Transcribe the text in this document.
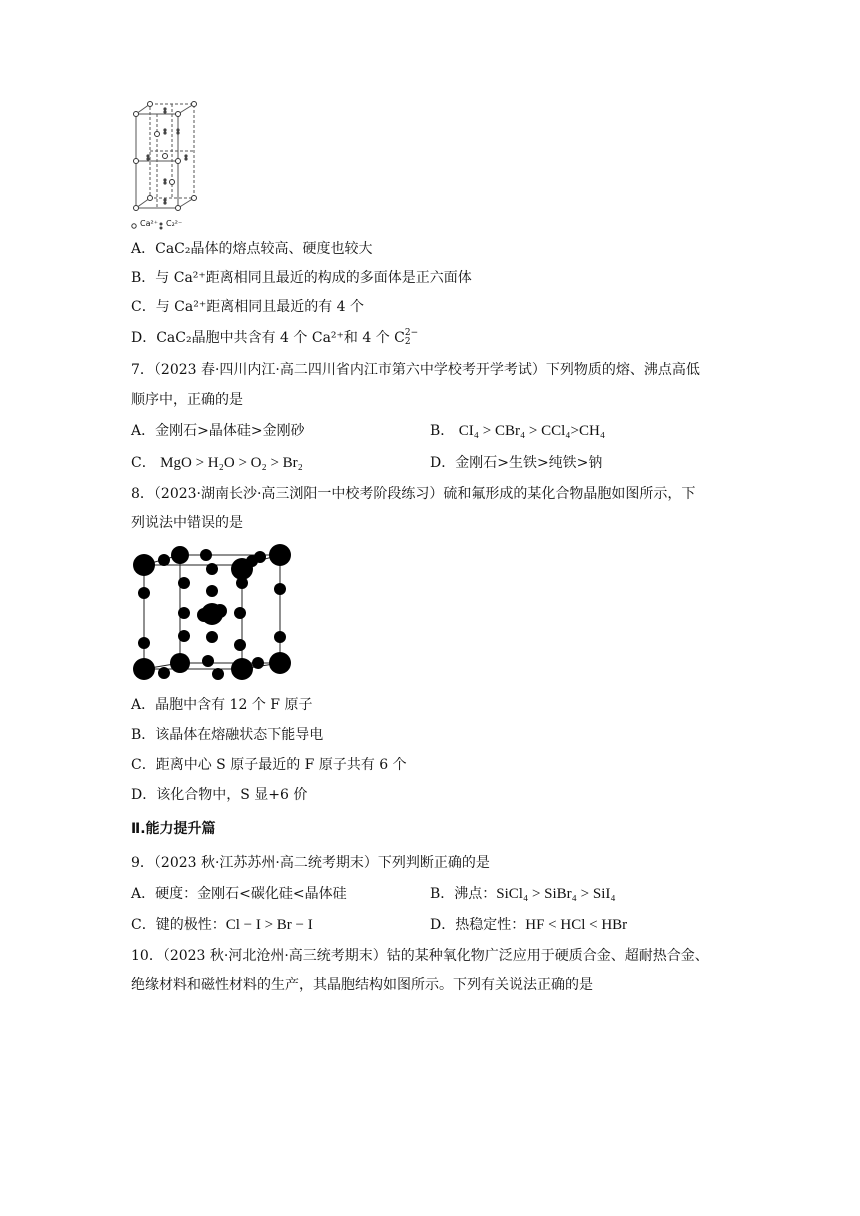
Ca²⁺ C₂²⁻
A．CaC₂晶体的熔点较高、硬度也较大
B．与 Ca²⁺距离相同且最近的构成的多面体是正六面体
C．与 Ca²⁺距离相同且最近的有 4 个
D．CaC₂晶胞中共含有 4 个 Ca²⁺和 4 个 C 2−
2
7．（2023 春·四川内江·高二四川省内江市第六中学校考开学考试）下列物质的熔、沸点高低
顺序中，正确的是
A．金刚石>晶体硅>金刚砂	B． CI₄ > CBr₄ > CCl₄>CH₄
C． MgO > H₂O > O₂ > Br₂	D．金刚石>生铁>纯铁>钠
8．（2023·湖南长沙·高三浏阳一中校考阶段练习）硫和氟形成的某化合物晶胞如图所示，下
列说法中错误的是
A．晶胞中含有 12 个 F 原子
B．该晶体在熔融状态下能导电
C．距离中心 S 原子最近的 F 原子共有 6 个
D．该化合物中，S 显+6 价
Ⅱ.能力提升篇
9．（2023 秋·江苏苏州·高二统考期末）下列判断正确的是
A．硬度：金刚石<碳化硅<晶体硅	B．沸点：SiCl₄ > SiBr₄ > SiI₄
C．键的极性：Cl − I > Br − I	D．热稳定性：HF < HCl < HBr
10．（2023 秋·河北沧州·高三统考期末）钴的某种氧化物广泛应用于硬质合金、超耐热合金、
绝缘材料和磁性材料的生产，其晶胞结构如图所示。下列有关说法正确的是
